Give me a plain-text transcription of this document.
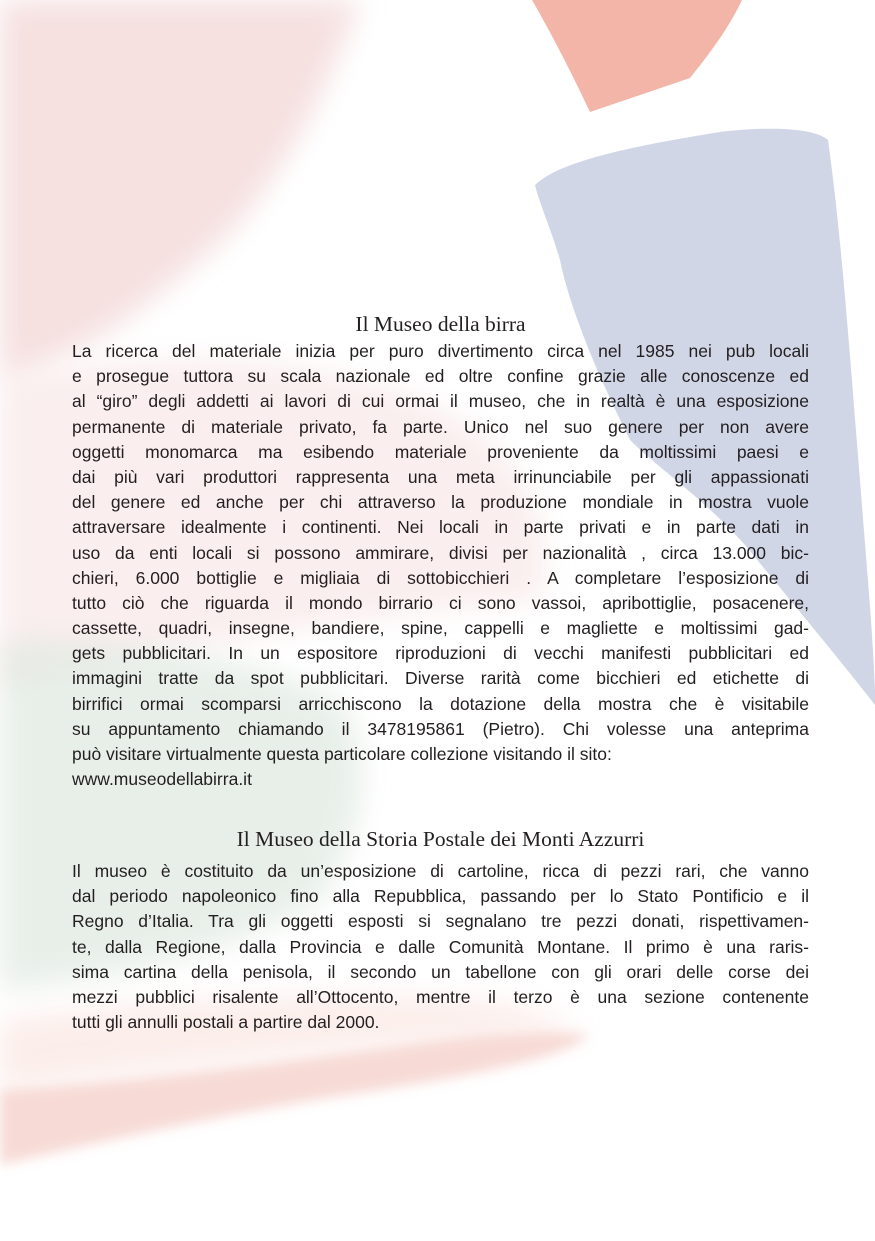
Il Museo della birra
La ricerca del materiale inizia per puro divertimento circa nel 1985 nei pub locali
e prosegue tuttora su scala nazionale ed oltre confine grazie alle conoscenze ed
al “giro” degli addetti ai lavori di cui ormai il museo, che in realtà è una esposizione
permanente di materiale privato, fa parte. Unico nel suo genere per non avere
oggetti monomarca ma esibendo materiale proveniente da moltissimi paesi e
dai più vari produttori rappresenta una meta irrinunciabile per gli appassionati
del genere ed anche per chi attraverso la produzione mondiale in mostra vuole
attraversare idealmente i continenti. Nei locali in parte privati e in parte dati in
uso da enti locali si possono ammirare, divisi per nazionalità , circa 13.000 bic-
chieri, 6.000 bottiglie e migliaia di sottobicchieri . A completare l’esposizione di
tutto ciò che riguarda il mondo birrario ci sono vassoi, apribottiglie, posacenere,
cassette, quadri, insegne, bandiere, spine, cappelli e magliette e moltissimi gad-
gets pubblicitari. In un espositore riproduzioni di vecchi manifesti pubblicitari ed
immagini tratte da spot pubblicitari. Diverse rarità come bicchieri ed etichette di
birrifici ormai scomparsi arricchiscono la dotazione della mostra che è visitabile
su appuntamento chiamando il 3478195861 (Pietro). Chi volesse una anteprima
può visitare virtualmente questa particolare collezione visitando il sito:
www.museodellabirra.it
Il Museo della Storia Postale dei Monti Azzurri
Il museo è costituito da un’esposizione di cartoline, ricca di pezzi rari, che vanno
dal periodo napoleonico fino alla Repubblica, passando per lo Stato Pontificio e il
Regno d’Italia. Tra gli oggetti esposti si segnalano tre pezzi donati, rispettivamen-
te, dalla Regione, dalla Provincia e dalle Comunità Montane. Il primo è una raris-
sima cartina della penisola, il secondo un tabellone con gli orari delle corse dei
mezzi pubblici risalente all’Ottocento, mentre il terzo è una sezione contenente
tutti gli annulli postali a partire dal 2000.
